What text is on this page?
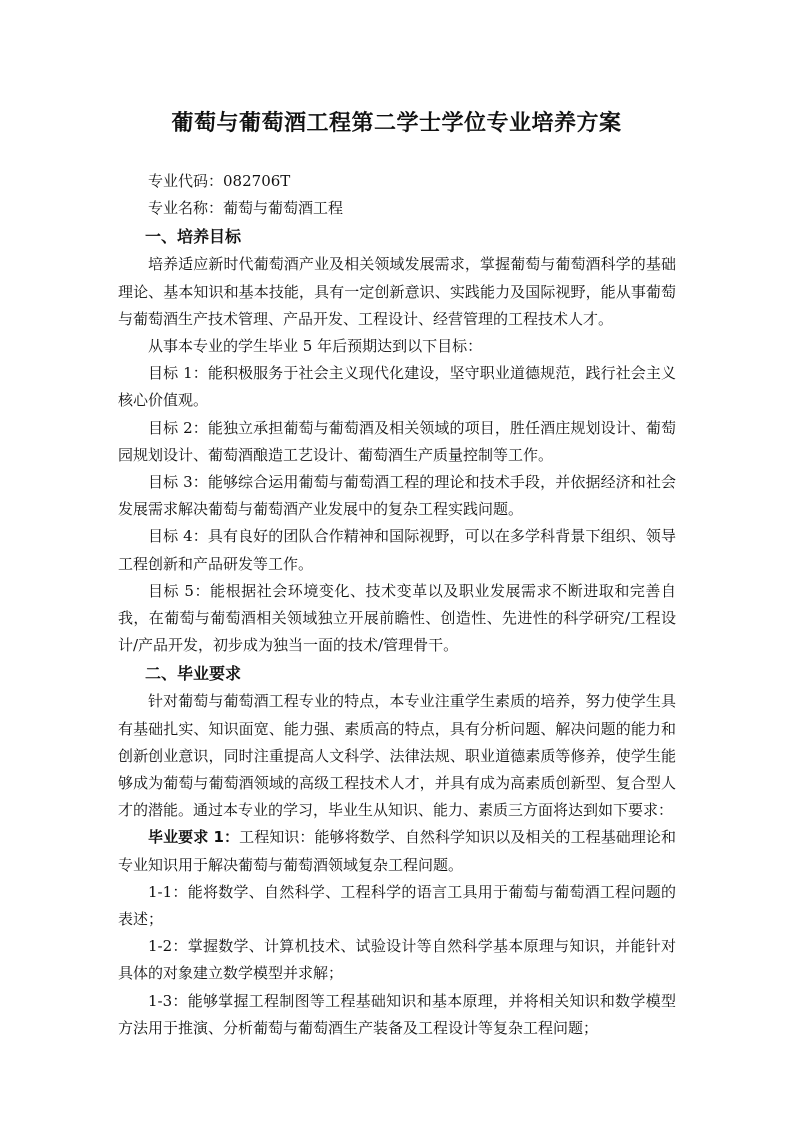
葡萄与葡萄酒工程第二学士学位专业培养方案

专业代码：082706T

专业名称：葡萄与葡萄酒工程

一、培养目标

培养适应新时代葡萄酒产业及相关领域发展需求，掌握葡萄与葡萄酒科学的基础理论、基本知识和基本技能，具有一定创新意识、实践能力及国际视野，能从事葡萄与葡萄酒生产技术管理、产品开发、工程设计、经营管理的工程技术人才。

从事本专业的学生毕业 5 年后预期达到以下目标：

目标 1：能积极服务于社会主义现代化建设，坚守职业道德规范，践行社会主义核心价值观。

目标 2：能独立承担葡萄与葡萄酒及相关领域的项目，胜任酒庄规划设计、葡萄园规划设计、葡萄酒酿造工艺设计、葡萄酒生产质量控制等工作。

目标 3：能够综合运用葡萄与葡萄酒工程的理论和技术手段，并依据经济和社会发展需求解决葡萄与葡萄酒产业发展中的复杂工程实践问题。

目标 4：具有良好的团队合作精神和国际视野，可以在多学科背景下组织、领导工程创新和产品研发等工作。

目标 5：能根据社会环境变化、技术变革以及职业发展需求不断进取和完善自我，在葡萄与葡萄酒相关领域独立开展前瞻性、创造性、先进性的科学研究/工程设计/产品开发，初步成为独当一面的技术/管理骨干。

二、毕业要求

针对葡萄与葡萄酒工程专业的特点，本专业注重学生素质的培养，努力使学生具有基础扎实、知识面宽、能力强、素质高的特点，具有分析问题、解决问题的能力和创新创业意识，同时注重提高人文科学、法律法规、职业道德素质等修养，使学生能够成为葡萄与葡萄酒领域的高级工程技术人才，并具有成为高素质创新型、复合型人才的潜能。通过本专业的学习，毕业生从知识、能力、素质三方面将达到如下要求：

毕业要求 1：工程知识：能够将数学、自然科学知识以及相关的工程基础理论和专业知识用于解决葡萄与葡萄酒领域复杂工程问题。

1-1：能将数学、自然科学、工程科学的语言工具用于葡萄与葡萄酒工程问题的表述；

1-2：掌握数学、计算机技术、试验设计等自然科学基本原理与知识，并能针对具体的对象建立数学模型并求解；

1-3：能够掌握工程制图等工程基础知识和基本原理，并将相关知识和数学模型方法用于推演、分析葡萄与葡萄酒生产装备及工程设计等复杂工程问题；
